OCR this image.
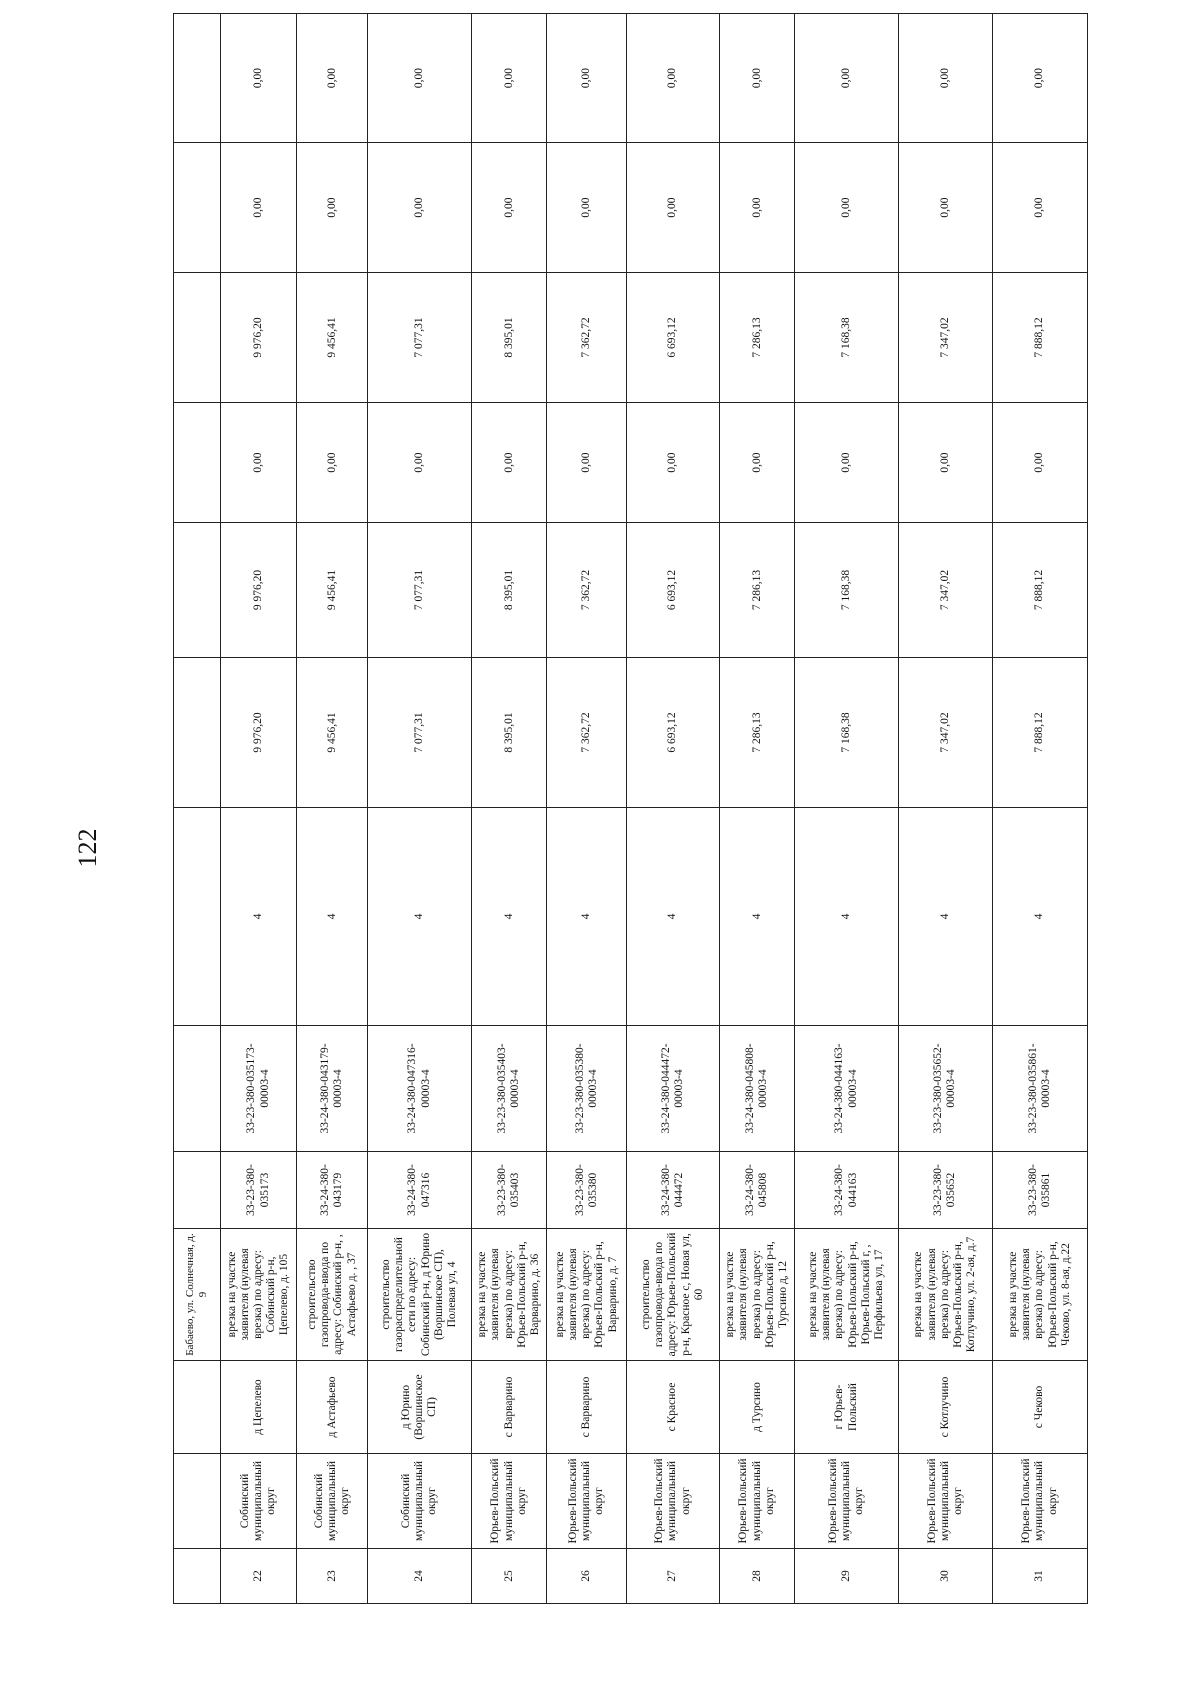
122
			Бабаево, ул. Солнечная, д. 9									
22	Собинский муниципальный округ	д Цепелево	врезка на участке заявителя (нулевая врезка) по адресу: Собинский р-н, Цепелево, д. 105	33-23-380-035173	33-23-380-035173-00003-4	4	9 976,20	9 976,20	0,00	9 976,20	0,00	0,00
23	Собинский муниципальный округ	д Астафьево	строительство газопровода-ввода по адресу: Собинский р-н, , Астафьево д. , 37	33-24-380-043179	33-24-380-043179-00003-4	4	9 456,41	9 456,41	0,00	9 456,41	0,00	0,00
24	Собинский муниципальный округ	д Юрино (Воршинское СП)	строительство газораспределительной сети по адресу: Собинский р-н, д Юрино (Воршинское СП), Полевая ул, 4	33-24-380-047316	33-24-380-047316-00003-4	4	7 077,31	7 077,31	0,00	7 077,31	0,00	0,00
25	Юрьев-Польский муниципальный округ	с Варварино	врезка на участке заявителя (нулевая врезка) по адресу: Юрьев-Польский р-н, Варварино, д. 36	33-23-380-035403	33-23-380-035403-00003-4	4	8 395,01	8 395,01	0,00	8 395,01	0,00	0,00
26	Юрьев-Польский муниципальный округ	с Варварино	врезка на участке заявителя (нулевая врезка) по адресу: Юрьев-Польский р-н, Варварино, д. 7	33-23-380-035380	33-23-380-035380-00003-4	4	7 362,72	7 362,72	0,00	7 362,72	0,00	0,00
27	Юрьев-Польский муниципальный округ	с Красное	строительство газопровода-ввода по адресу: Юрьев-Польский р-н, Красное с, Новая ул, 60	33-24-380-044472	33-24-380-044472-00003-4	4	6 693,12	6 693,12	0,00	6 693,12	0,00	0,00
28	Юрьев-Польский муниципальный округ	д Турсино	врезка на участке заявителя (нулевая врезка) по адресу: Юрьев-Польский р-н, Турсино д, 12	33-24-380-045808	33-24-380-045808-00003-4	4	7 286,13	7 286,13	0,00	7 286,13	0,00	0,00
29	Юрьев-Польский муниципальный округ	г Юрьев-Польский	врезка на участке заявителя (нулевая врезка) по адресу: Юрьев-Польский р-н, Юрьев-Польский г, , Перфильева ул, 17	33-24-380-044163	33-24-380-044163-00003-4	4	7 168,38	7 168,38	0,00	7 168,38	0,00	0,00
30	Юрьев-Польский муниципальный округ	с Котлучино	врезка на участке заявителя (нулевая врезка) по адресу: Юрьев-Польский р-н, Котлучино, ул. 2-ая, д.7	33-23-380-035652	33-23-380-035652-00003-4	4	7 347,02	7 347,02	0,00	7 347,02	0,00	0,00
31	Юрьев-Польский муниципальный округ	с Чеково	врезка на участке заявителя (нулевая врезка) по адресу: Юрьев-Польский р-н, Чеково, ул. 8-ая, д.22	33-23-380-035861	33-23-380-035861-00003-4	4	7 888,12	7 888,12	0,00	7 888,12	0,00	0,00
